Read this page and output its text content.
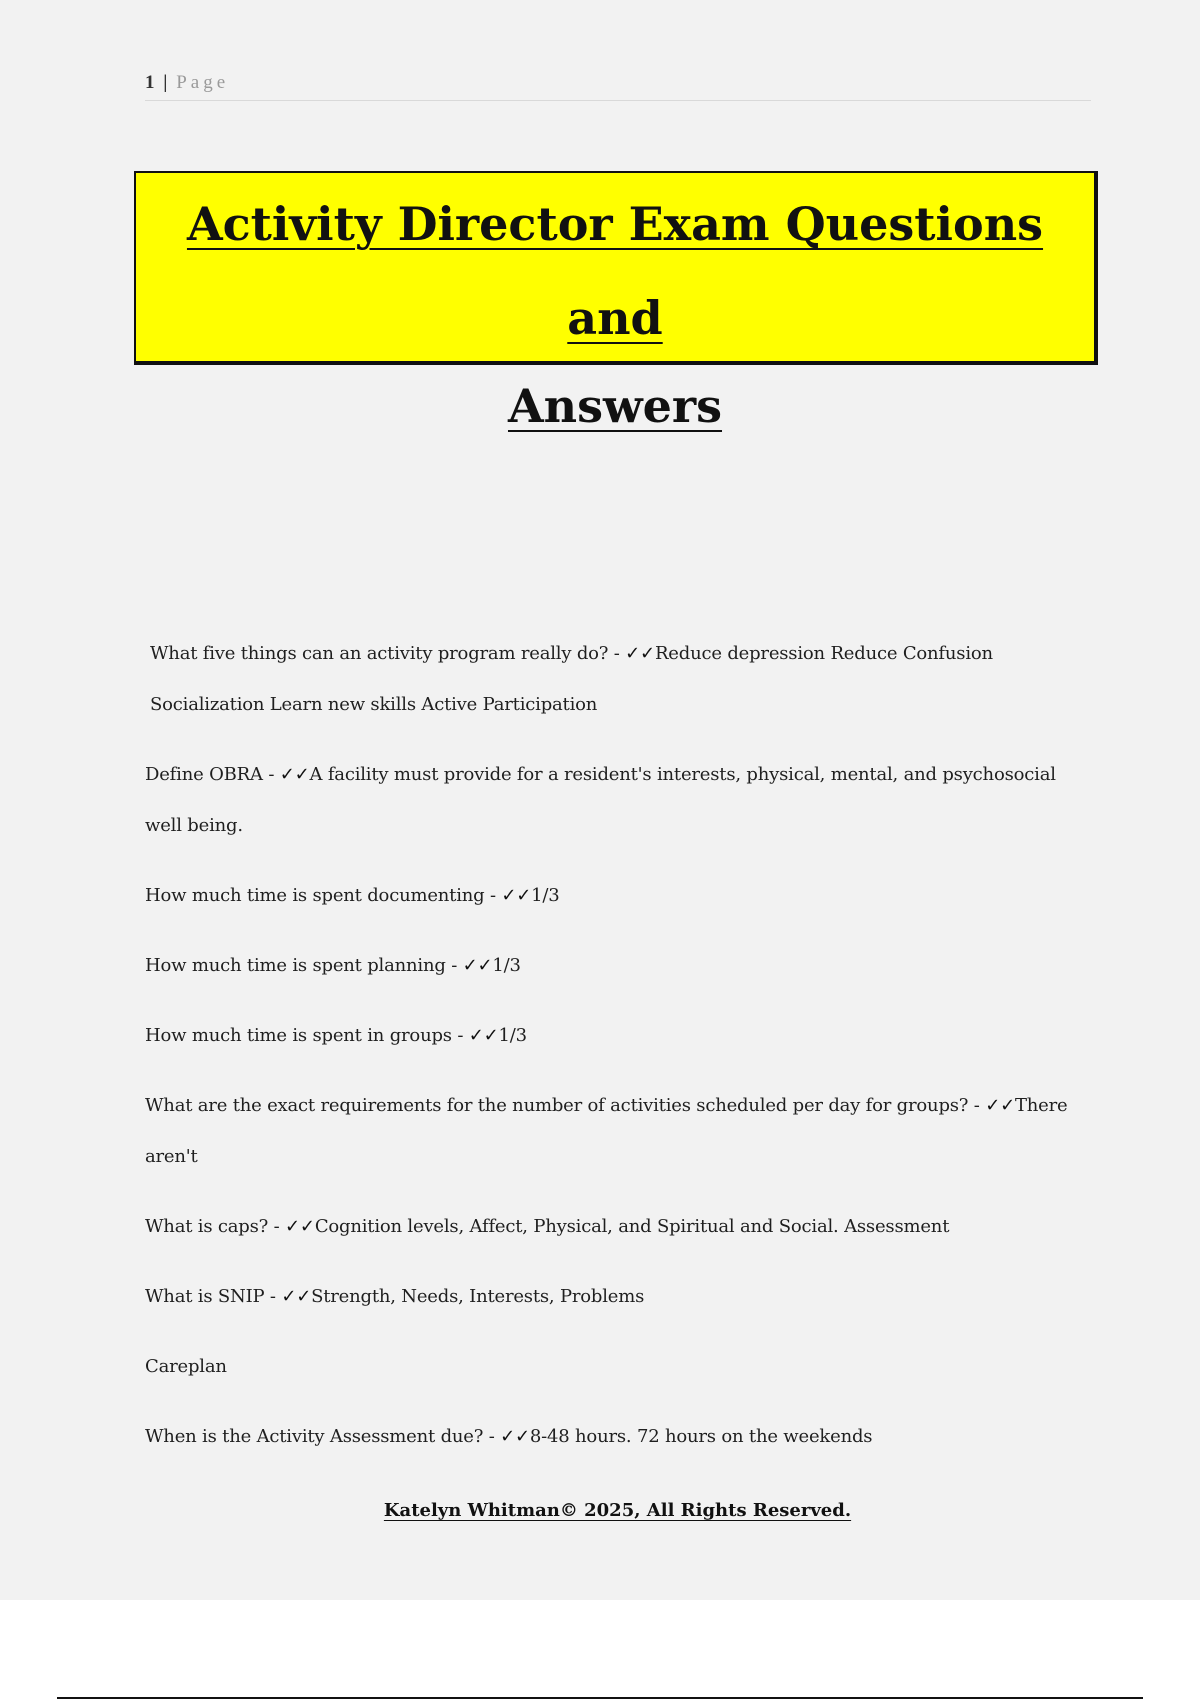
1 | Page
Activity Director Exam Questions and
Answers

What five things can an activity program really do? - ✓✓Reduce depression Reduce Confusion Socialization Learn new skills Active Participation

Define OBRA - ✓✓A facility must provide for a resident's interests, physical, mental, and psychosocial well being.

How much time is spent documenting - ✓✓1/3

How much time is spent planning - ✓✓1/3

How much time is spent in groups - ✓✓1/3

What are the exact requirements for the number of activities scheduled per day for groups? - ✓✓There aren't

What is caps? - ✓✓Cognition levels, Affect, Physical, and Spiritual and Social. Assessment

What is SNIP - ✓✓Strength, Needs, Interests, Problems

Careplan

When is the Activity Assessment due? - ✓✓8-48 hours. 72 hours on the weekends

Katelyn Whitman© 2025, All Rights Reserved.
